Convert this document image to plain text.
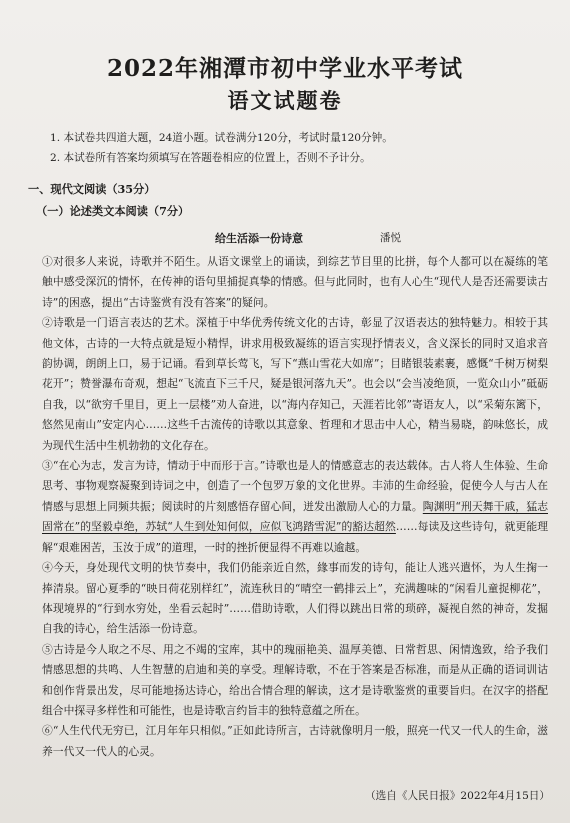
2022年湘潭市初中学业水平考试
语文试题卷
1. 本试卷共四道大题，24道小题。试卷满分120分，考试时量120分钟。
2. 本试卷所有答案均须填写在答题卷相应的位置上，否则不予计分。
一、现代文阅读（35分）
（一）论述类文本阅读（7分）
给生活添一份诗意	潘悦

①对很多人来说，诗歌并不陌生。从语文课堂上的诵读，到综艺节目里的比拼，每个人都可以在凝练的笔触中感受深沉的情怀，在传神的语句里捕捉真挚的情感。但与此同时，也有人心生“现代人是否还需要读古诗”的困惑，提出“古诗鉴赏有没有答案”的疑问。

②诗歌是一门语言表达的艺术。深植于中华优秀传统文化的古诗，彰显了汉语表达的独特魅力。相较于其他文体，古诗的一大特点就是短小精悍，讲求用极致凝练的语言实现抒情表义，含义深长的同时又追求音韵协调，朗朗上口，易于记诵。看到草长莺飞，写下“燕山雪花大如席”；目睹银装素裹，感慨“千树万树梨花开”；赞誉瀑布奇观，想起“飞流直下三千尺，疑是银河落九天”。也会以“会当凌绝顶，一览众山小”砥砺自我，以“欲穷千里目，更上一层楼”劝人奋进，以“海内存知己，天涯若比邻”寄语友人，以“采菊东篱下，悠然见南山”安定内心……这些千古流传的诗歌以其意象、哲理和才思击中人心，精当易晓，韵味悠长，成为现代生活中生机勃勃的文化存在。

③“在心为志，发言为诗，情动于中而形于言。”诗歌也是人的情感意志的表达载体。古人将人生体验、生命思考、事物观察凝聚到诗词之中，创造了一个包罗万象的文化世界。丰沛的生命经验，促使今人与古人在情感与思想上同频共振；阅读时的片刻感悟存留心间，迸发出激励人心的力量。陶渊明“刑天舞干戚，猛志固常在”的坚毅卓绝，苏轼“人生到处知何似，应似飞鸿踏雪泥”的豁达超然……每读及这些诗句，就更能理解“艰难困苦，玉汝于成”的道理，一时的挫折便显得不再难以逾越。

④今天，身处现代文明的快节奏中，我们仍能亲近自然，緣事而发的诗句，能让人逃兴遣怀，为人生掬一捧清泉。留心夏季的“映日荷花别样红”，流连秋日的“晴空一鹤排云上”，充满趣味的“闲看儿童捉柳花”，体现境界的“行到水穷处，坐看云起时”……借助诗歌，人们得以跳出日常的琐碎，凝视自然的神奇，发掘自我的诗心，给生活添一份诗意。

⑤古诗是今人取之不尽、用之不竭的宝库，其中的瑰丽艳美、温厚美德、日常哲思、闲情逸致，给予我们情感思想的共鸣、人生智慧的启迪和美的享受。理解诗歌，不在于答案是否标准，而是从正确的语词训诂和创作背景出发，尽可能地扬达诗心，给出合情合理的解读，这才是诗歌鉴赏的重要旨归。在汉字的搭配组合中探寻多样性和可能性，也是诗歌言约旨丰的独特意蕴之所在。

⑥“人生代代无穷已，江月年年只相似。”正如此诗所言，古诗就像明月一般，照亮一代又一代人的生命，滋养一代又一代人的心灵。

（选自《人民日报》2022年4月15日）
